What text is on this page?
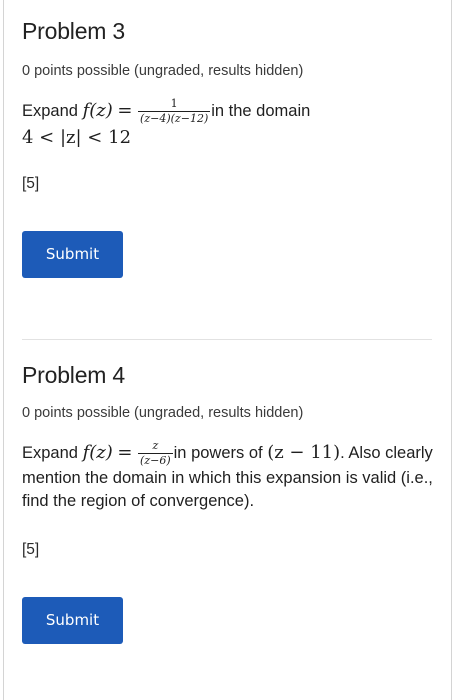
Problem 3
0 points possible (ungraded, results hidden)
Expand $f(z) = \frac{1}{(z-4)(z-12)}$ in the domain
4 < |z| < 12
[5]
Submit
Problem 4
0 points possible (ungraded, results hidden)
Expand $f(z) = \frac{z}{(z-6)}$ in powers of (z − 11). Also clearly mention the domain in which this expansion is valid (i.e., find the region of convergence).
[5]
Submit
